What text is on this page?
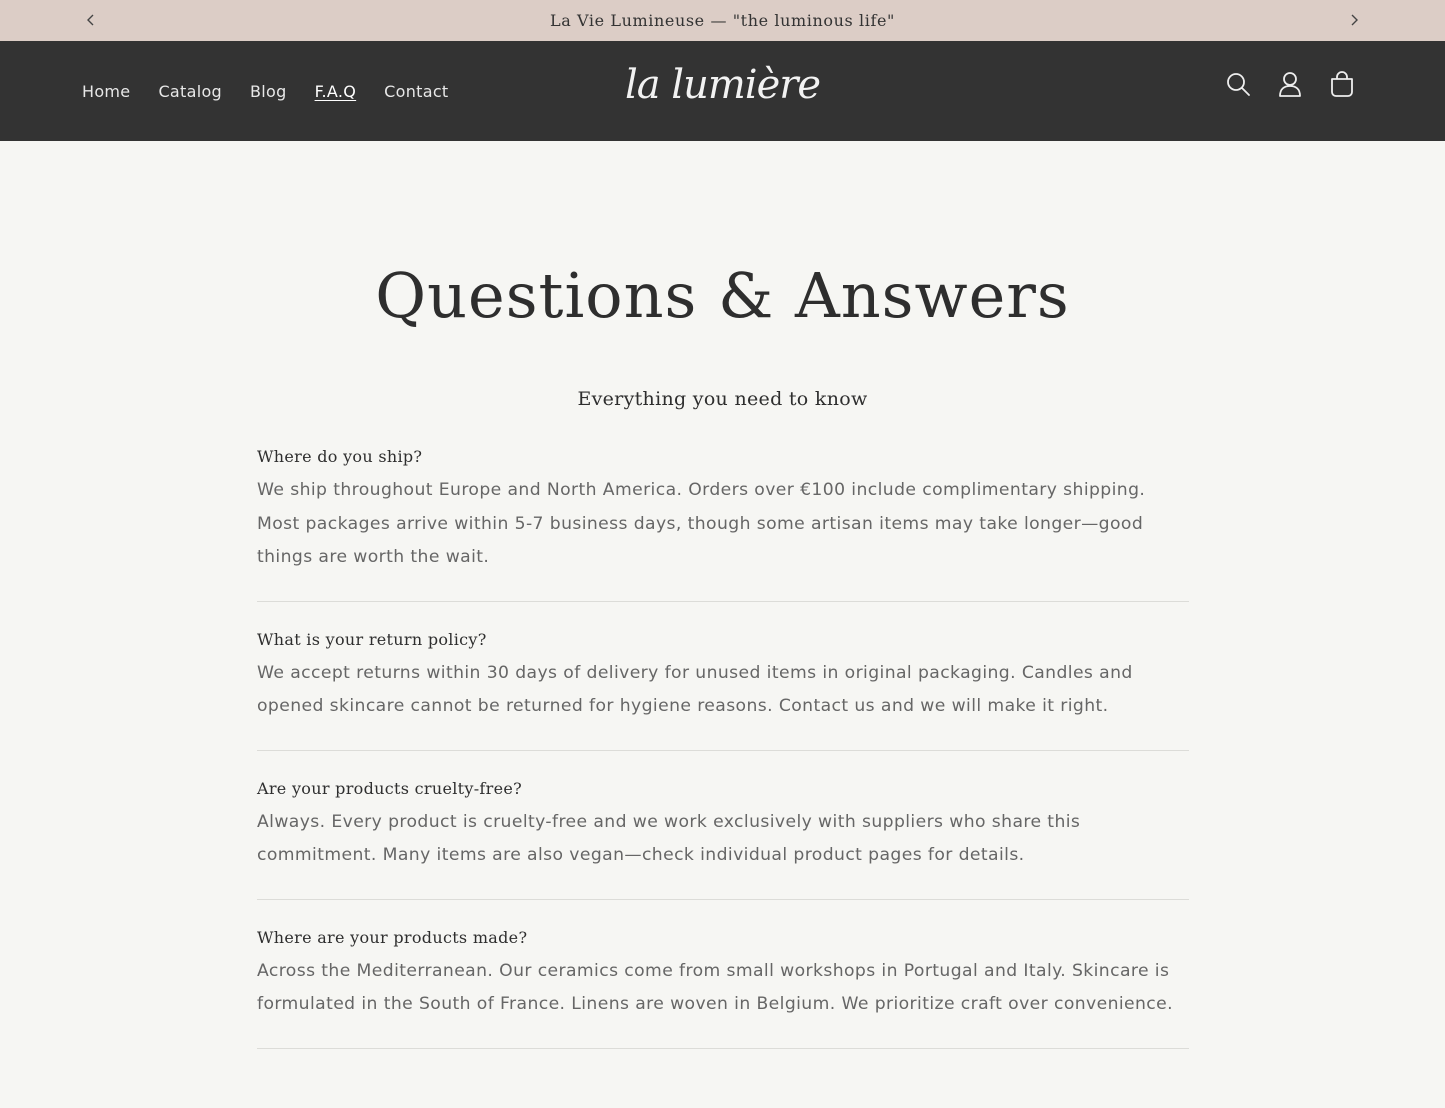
La Vie Lumineuse — "the luminous life"
Home Catalog Blog F.A.Q Contact	la lumière
Questions & Answers
Everything you need to know
Where do you ship?
We ship throughout Europe and North America. Orders over €100 include complimentary shipping. Most packages arrive within 5-7 business days, though some artisan items may take longer—good things are worth the wait.
What is your return policy?
We accept returns within 30 days of delivery for unused items in original packaging. Candles and opened skincare cannot be returned for hygiene reasons. Contact us and we will make it right.
Are your products cruelty-free?
Always. Every product is cruelty-free and we work exclusively with suppliers who share this commitment. Many items are also vegan—check individual product pages for details.
Where are your products made?
Across the Mediterranean. Our ceramics come from small workshops in Portugal and Italy. Skincare is formulated in the South of France. Linens are woven in Belgium. We prioritize craft over convenience.
